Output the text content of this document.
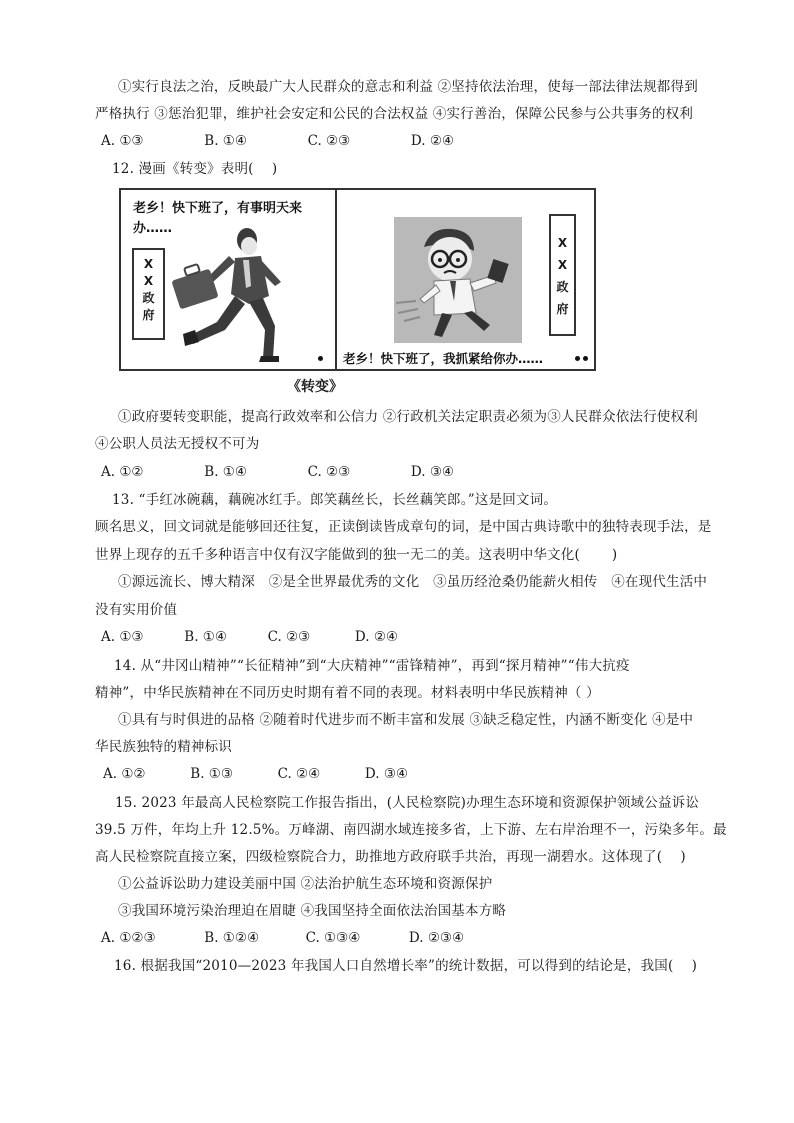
①实行良法之治，反映最广大人民群众的意志和利益 ②坚持依法治理，使每一部法律法规都得到
严格执行 ③惩治犯罪，维护社会安定和公民的合法权益 ④实行善治，保障公民参与公共事务的权利
A. ①③	B. ①④	C. ②③	D. ②④
12. 漫画《转变》表明(　 )
老乡！快下班了，有事明天来
办……
X
X
政
府
X
X
政
府
老乡！快下班了，我抓紧给你办……
《转变》
①政府要转变职能，提高行政效率和公信力 ②行政机关法定职责必须为③人民群众依法行使权利
④公职人员法无授权不可为
A. ①②	B. ①④	C. ②③	D. ③④
13. “手红冰碗藕，藕碗冰红手。郎笑藕丝长，长丝藕笑郎。”这是回文词。
顾名思义，回文词就是能够回还往复，正读倒读皆成章句的词，是中国古典诗歌中的独特表现手法，是
世界上现存的五千多种语言中仅有汉字能做到的独一无二的美。这表明中华文化(　　 )
①源远流长、博大精深　②是全世界最优秀的文化　③虽历经沧桑仍能薪火相传　④在现代生活中
没有实用价值
A. ①③	B. ①④	C. ②③	D. ②④
14. 从“井冈山精神”“长征精神”到“大庆精神”“雷锋精神”，再到“探月精神”“伟大抗疫
精神”，中华民族精神在不同历史时期有着不同的表现。材料表明中华民族精神（ ）
①具有与时俱进的品格 ②随着时代进步而不断丰富和发展 ③缺乏稳定性，内涵不断变化 ④是中
华民族独特的精神标识
A. ①②	B. ①③	C. ②④	D. ③④
15. 2023 年最高人民检察院工作报告指出，(人民检察院)办理生态环境和资源保护领域公益诉讼
39.5 万件，年均上升 12.5%。万峰湖、南四湖水域连接多省，上下游、左右岸治理不一，污染多年。最
高人民检察院直接立案，四级检察院合力，助推地方政府联手共治，再现一湖碧水。这体现了(　 )
①公益诉讼助力建设美丽中国 ②法治护航生态环境和资源保护
③我国环境污染治理迫在眉睫 ④我国坚持全面依法治国基本方略
A. ①②③	B. ①②④	C. ①③④	D. ②③④
16. 根据我国“2010—2023 年我国人口自然增长率”的统计数据，可以得到的结论是，我国(　 )
